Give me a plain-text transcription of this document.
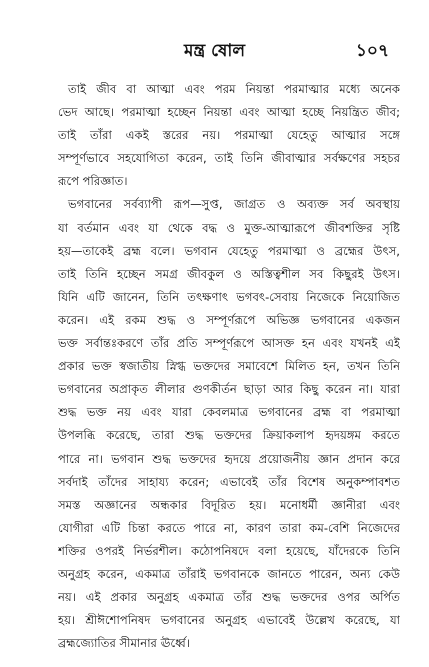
মন্ত্র ষোল	১০৭
তাই জীব বা আত্মা এবং পরম নিয়ন্তা পরমাত্মার মধ্যে অনেক
ভেদ আছে। পরমাত্মা হচ্ছেন নিয়ন্তা এবং আত্মা হচ্ছে নিয়ন্ত্রিত জীব;
তাই তাঁরা একই স্তরের নয়। পরমাত্মা যেহেতু আত্মার সঙ্গে
সম্পূর্ণভাবে সহযোগিতা করেন, তাই তিনি জীবাত্মার সর্বক্ষণের সহচর
রূপে পরিজ্ঞাত।
ভগবানের সর্বব্যাপী রূপ—সুপ্ত, জাগ্রত ও অব্যক্ত সর্ব অবস্থায়
যা বর্তমান এবং যা থেকে বদ্ধ ও মুক্ত-আত্মারূপে জীবশক্তির সৃষ্টি
হয়—তাকেই ব্রহ্ম বলে। ভগবান যেহেতু পরমাত্মা ও ব্রহ্মের উৎস,
তাই তিনি হচ্ছেন সমগ্র জীবকুল ও অস্তিত্বশীল সব কিছুরই উৎস।
যিনি এটি জানেন, তিনি তৎক্ষণাৎ ভগবৎ-সেবায় নিজেকে নিয়োজিত
করেন। এই রকম শুদ্ধ ও সম্পূর্ণরূপে অভিজ্ঞ ভগবানের একজন
ভক্ত সর্বান্তঃকরণে তাঁর প্রতি সম্পূর্ণরূপে আসক্ত হন এবং যখনই এই
প্রকার ভক্ত স্বজাতীয় স্নিগ্ধ ভক্তদের সমাবেশে মিলিত হন, তখন তিনি
ভগবানের অপ্রাকৃত লীলার গুণকীর্তন ছাড়া আর কিছু করেন না। যারা
শুদ্ধ ভক্ত নয় এবং যারা কেবলমাত্র ভগবানের ব্রহ্ম বা পরমাত্মা
উপলব্ধি করেছে, তারা শুদ্ধ ভক্তদের ক্রিয়াকলাপ হৃদয়ঙ্গম করতে
পারে না। ভগবান শুদ্ধ ভক্তদের হৃদয়ে প্রয়োজনীয় জ্ঞান প্রদান করে
সর্বদাই তাঁদের সাহায্য করেন; এভাবেই তাঁর বিশেষ অনুকম্পাবশত
সমস্ত অজ্ঞানের অন্ধকার বিদূরিত হয়। মনোধর্মী জ্ঞানীরা এবং
যোগীরা এটি চিন্তা করতে পারে না, কারণ তারা কম-বেশি নিজেদের
শক্তির ওপরই নির্ভরশীল। কঠোপনিষদে বলা হয়েছে, যাঁদেরকে তিনি
অনুগ্রহ করেন, একমাত্র তাঁরাই ভগবানকে জানতে পারেন, অন্য কেউ
নয়। এই প্রকার অনুগ্রহ একমাত্র তাঁর শুদ্ধ ভক্তদের ওপর অর্পিত
হয়। শ্রীঈশোপনিষদ ভগবানের অনুগ্রহ এভাবেই উল্লেখ করেছে, যা
ব্রহ্মজ্যোতির সীমানার ঊর্ধ্বে।
